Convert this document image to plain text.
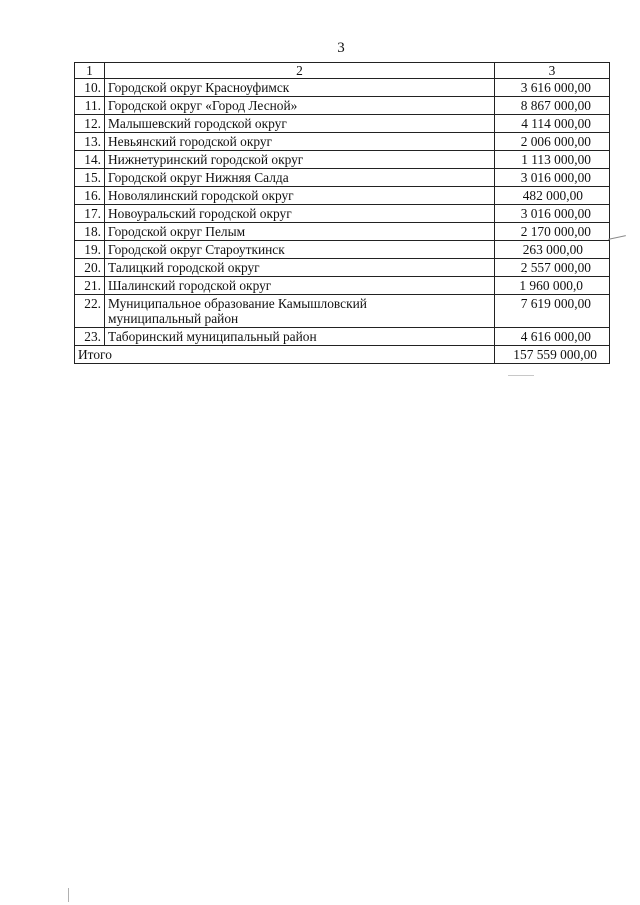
3
1	2	3
10.	Городской округ Красноуфимск	3 616 000,00
11.	Городской округ «Город Лесной»	8 867 000,00
12.	Малышевский городской округ	4 114 000,00
13.	Невьянский городской округ	2 006 000,00
14.	Нижнетуринский городской округ	1 113 000,00
15.	Городской округ Нижняя Салда	3 016 000,00
16.	Новолялинский городской округ	482 000,00
17.	Новоуральский городской округ	3 016 000,00
18.	Городской округ Пелым	2 170 000,00
19.	Городской округ Староуткинск	263 000,00
20.	Талицкий городской округ	2 557 000,00
21.	Шалинский городской округ	1 960 000,0
22.	Муниципальное образование Камышловский муниципальный район	7 619 000,00
23.	Таборинский муниципальный район	4 616 000,00
Итого		157 559 000,00
